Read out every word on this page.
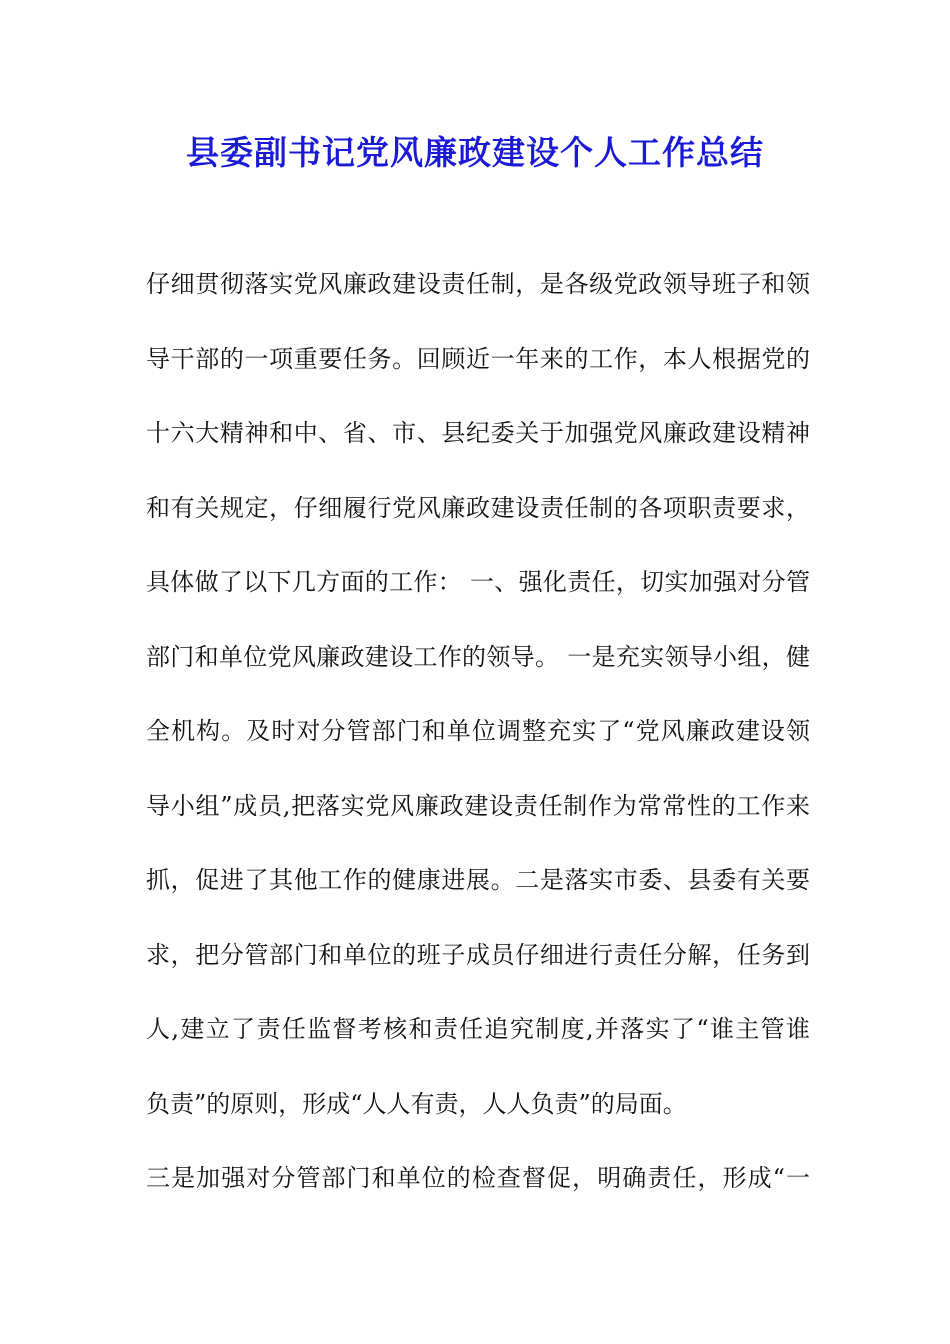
县委副书记党风廉政建设个人工作总结
仔细贯彻落实党风廉政建设责任制，是各级党政领导班子和领
导干部的一项重要任务。回顾近一年来的工作，本人根据党的
十六大精神和中、省、市、县纪委关于加强党风廉政建设精神
和有关规定，仔细履行党风廉政建设责任制的各项职责要求，
具体做了以下几方面的工作： 一、强化责任，切实加强对分管
部门和单位党风廉政建设工作的领导。 一是充实领导小组，健
全机构。及时对分管部门和单位调整充实了“党风廉政建设领
导小组”成员,把落实党风廉政建设责任制作为常常性的工作来
抓，促进了其他工作的健康进展。二是落实市委、县委有关要
求，把分管部门和单位的班子成员仔细进行责任分解，任务到
人,建立了责任监督考核和责任追究制度,并落实了“谁主管谁
负责”的原则，形成“人人有责，人人负责”的局面。
三是加强对分管部门和单位的检查督促，明确责任，形成“一
